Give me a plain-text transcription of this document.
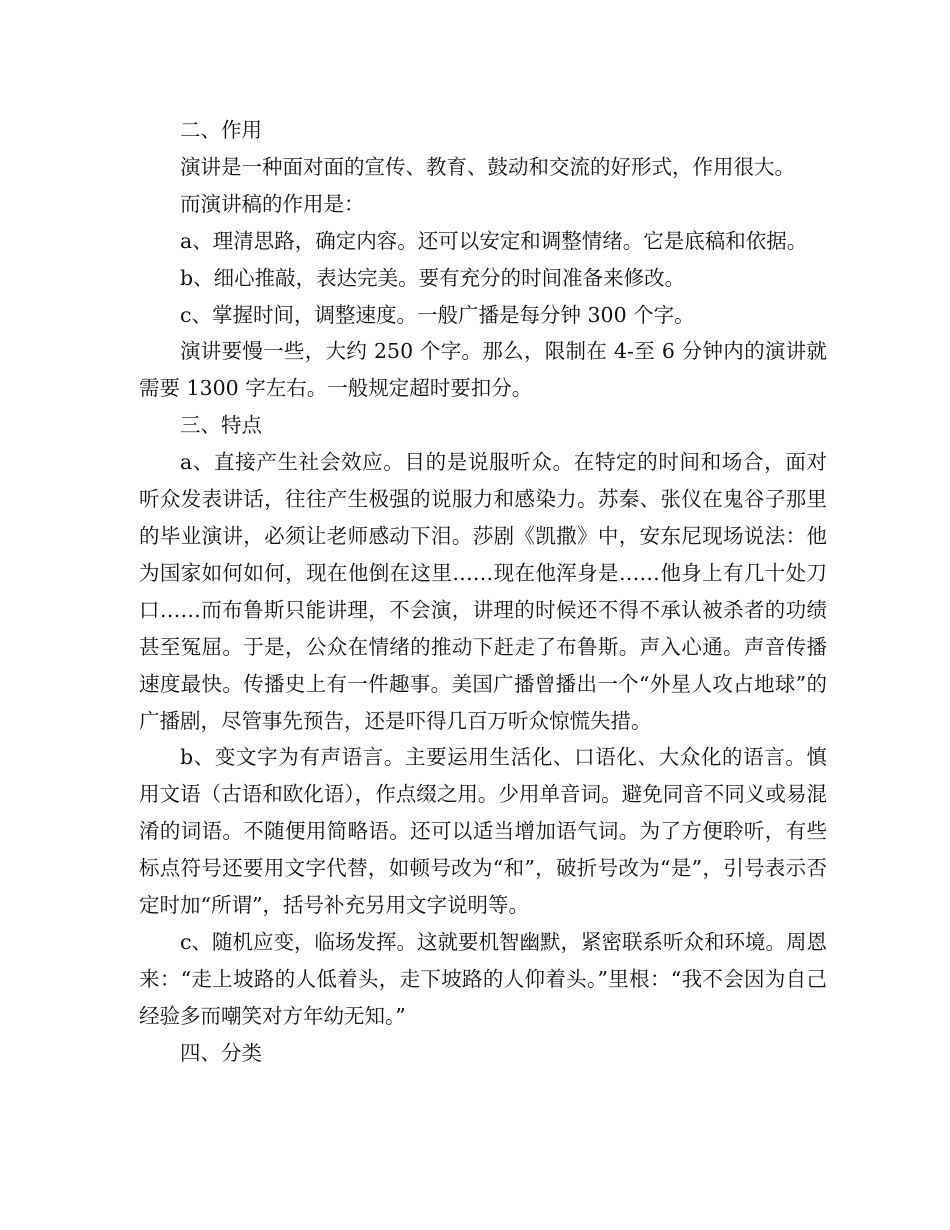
二、作用

演讲是一种面对面的宣传、教育、鼓动和交流的好形式，作用很大。

而演讲稿的作用是：

a、理清思路，确定内容。还可以安定和调整情绪。它是底稿和依据。

b、细心推敲，表达完美。要有充分的时间准备来修改。

c、掌握时间，调整速度。一般广播是每分钟 300 个字。

演讲要慢一些，大约 250 个字。那么，限制在 4-至 6 分钟内的演讲就需要 1300 字左右。一般规定超时要扣分。

三、特点

a、直接产生社会效应。目的是说服听众。在特定的时间和场合，面对听众发表讲话，往往产生极强的说服力和感染力。苏秦、张仪在鬼谷子那里的毕业演讲，必须让老师感动下泪。莎剧《凯撒》中，安东尼现场说法：他为国家如何如何，现在他倒在这里……现在他浑身是……他身上有几十处刀口……而布鲁斯只能讲理，不会演，讲理的时候还不得不承认被杀者的功绩甚至冤屈。于是，公众在情绪的推动下赶走了布鲁斯。声入心通。声音传播速度最快。传播史上有一件趣事。美国广播曾播出一个“外星人攻占地球”的广播剧，尽管事先预告，还是吓得几百万听众惊慌失措。

b、变文字为有声语言。主要运用生活化、口语化、大众化的语言。慎用文语（古语和欧化语），作点缀之用。少用单音词。避免同音不同义或易混淆的词语。不随便用简略语。还可以适当增加语气词。为了方便聆听，有些标点符号还要用文字代替，如顿号改为“和”，破折号改为“是”，引号表示否定时加“所谓”，括号补充另用文字说明等。

c、随机应变，临场发挥。这就要机智幽默，紧密联系听众和环境。周恩来：“走上坡路的人低着头，走下坡路的人仰着头。”里根：“我不会因为自己经验多而嘲笑对方年幼无知。”

四、分类
